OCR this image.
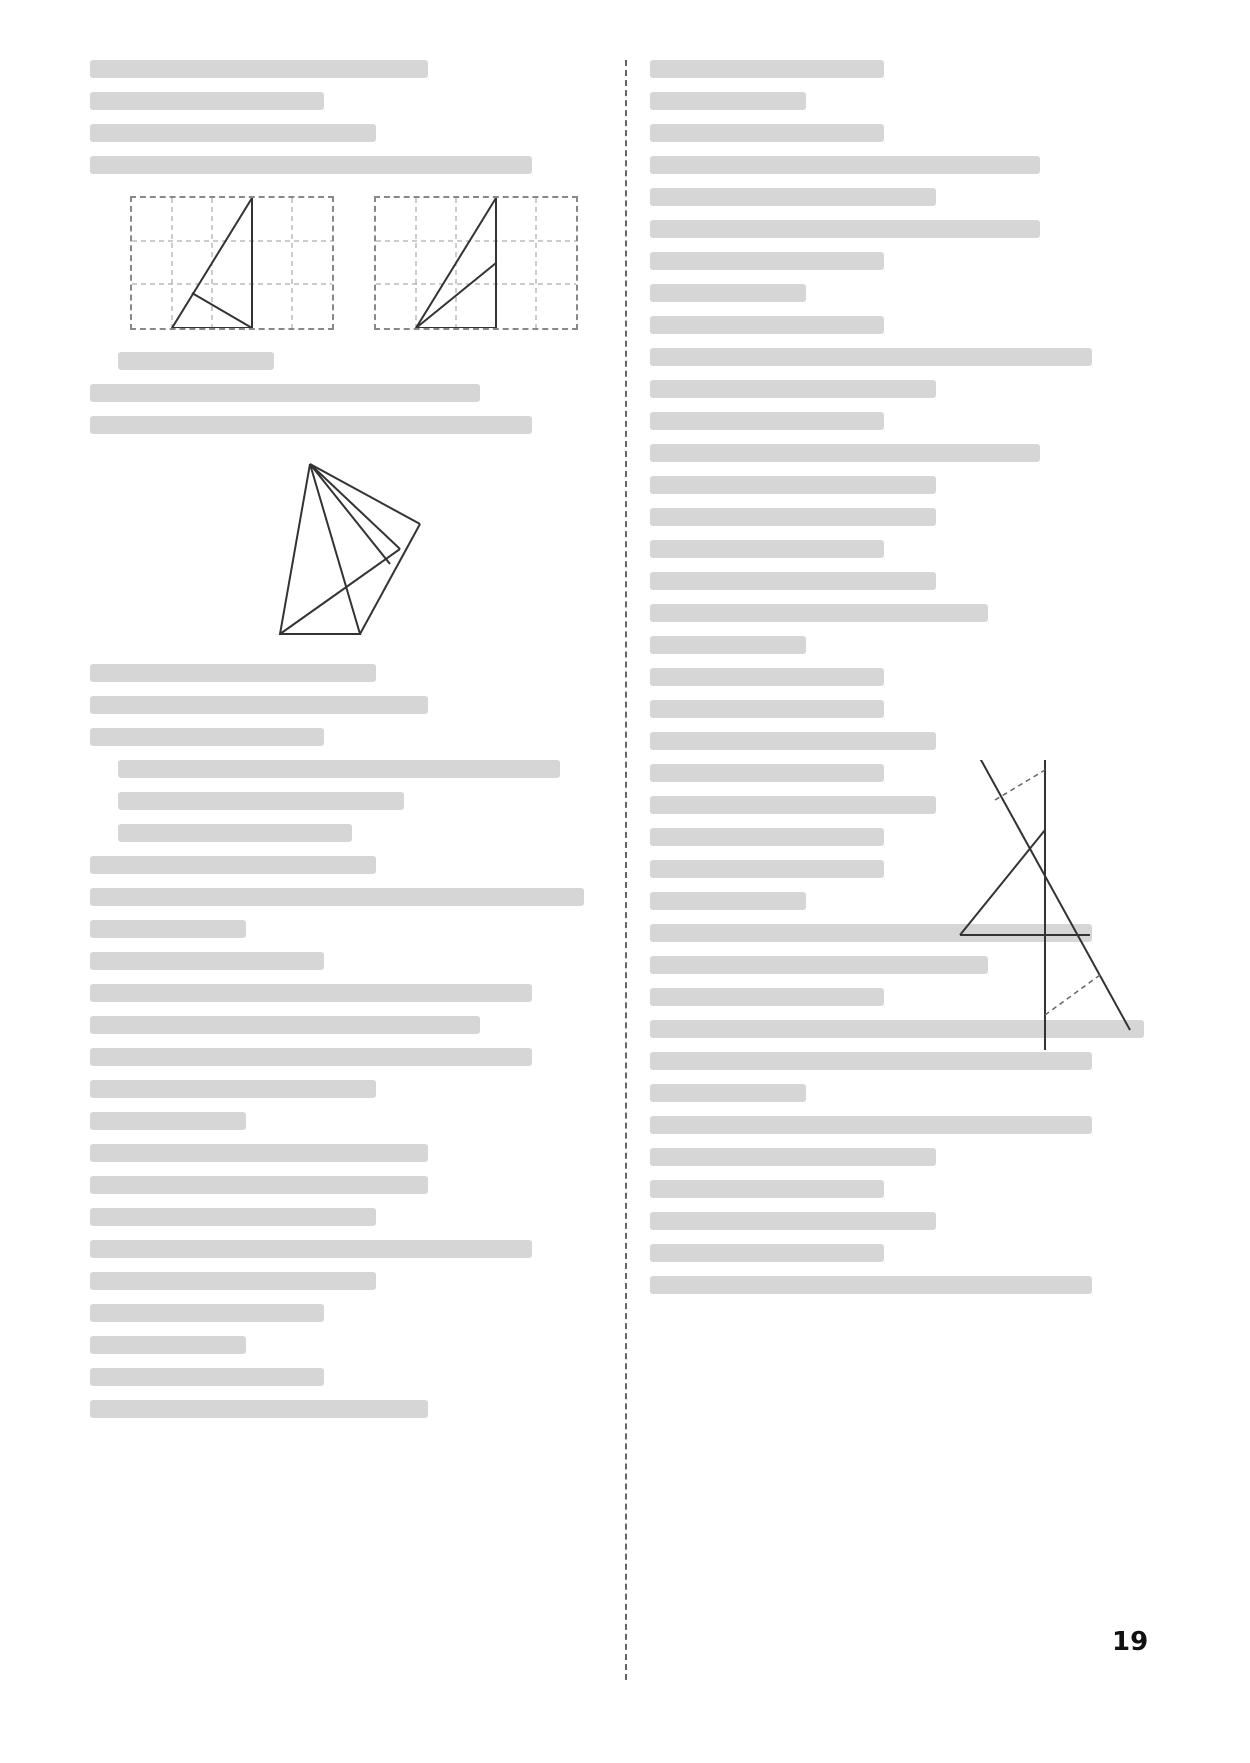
19
